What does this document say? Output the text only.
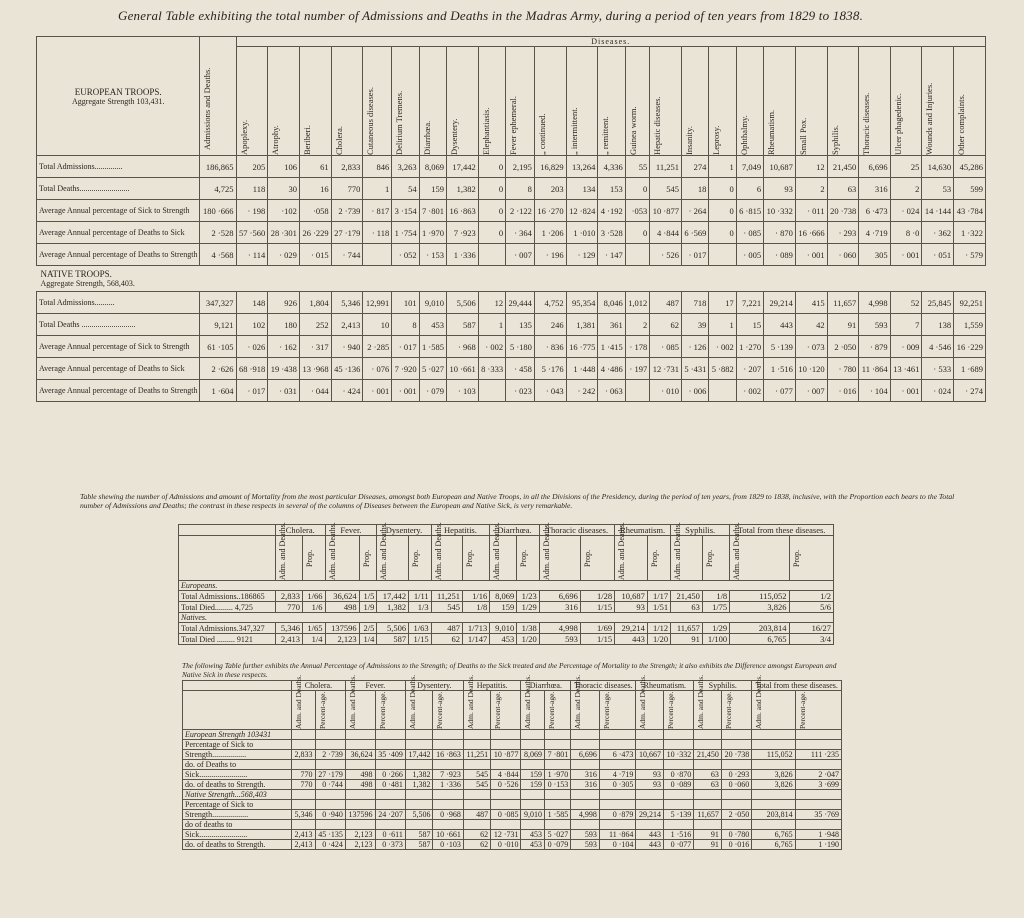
General Table exhibiting the total number of Admissions and Deaths in the Madras Army, during a period of ten years from 1829 to 1838.
EUROPEAN TROOPS.
Aggregate Strength 103,431.	Admissions and Deaths.	Diseases.																								

		Apoplexy.	Atrophy.	Beriberi.	Cholera.	Cutaneous diseases.	Delirium Tremens.	Diarrhœa.	Dysentery.	Elephantiasis.	Fever ephemeral.	„ continued.	„ intermittent.	„ remittent.	Guinea worm.	Hepatic diseases.	Insanity.	Leprosy.	Ophthalmy.	Rheumatism.	Small Pox.	Syphilis.	Thoracic diseases.	Ulcer phagedenic.	Wounds and Injuries.	Other complaints.

Total Admissions..............	186,865	205	106	61	2,833	846	3,263	8,069	17,442	0	2,195	16,829	13,264	4,336	55	11,251	274	1	7,049	10,687	12	21,450	6,696	25	14,630	45,286
Total Deaths.........................	4,725	118	30	16	770	1	54	159	1,382	0	8	203	134	153	0	545	18	0	6	93	2	63	316	2	53	599
Average Annual percentage of Sick to Strength	180 ·666	· 198	·102	·058	2 ·739	· 817	3 ·154	7 ·801	16 ·863	0	2 ·122	16 ·270	12 ·824	4 ·192	·053	10 ·877	· 264	0	6 ·815	10 ·332	· 011	20 ·738	6 ·473	· 024	14 ·144	43 ·784
Average Annual percentage of Deaths to Sick	2 ·528	57 ·560	28 ·301	26 ·229	27 ·179	· 118	1 ·754	1 ·970	7 ·923	0	· 364	1 ·206	1 ·010	3 ·528	0	4 ·844	6 ·569	0	· 085	· 870	16 ·666	· 293	4 ·719	8 ·0	· 362	1 ·322
Average Annual percentage of Deaths to Strength	4 ·568	· 114	· 029	· 015	· 744		· 052	· 153	1 ·336		· 007	· 196	· 129	· 147		· 526	· 017		· 005	· 089	· 001	· 060	305	· 001	· 051	· 579

NATIVE TROOPS.
Aggregate Strength, 568,403.																										

Total Admissions..........	347,327	148	926	1,804	5,346	12,991	101	9,010	5,506	12	29,444	4,752	95,354	8,046	1,012	487	718	17	7,221	29,214	415	11,657	4,998	52	25,845	92,251
Total Deaths ...........................	9,121	102	180	252	2,413	10	8	453	587	1	135	246	1,381	361	2	62	39	1	15	443	42	91	593	7	138	1,559
Average Annual percentage of Sick to Strength	61 ·105	· 026	· 162	· 317	· 940	2 ·285	· 017	1 ·585	· 968	· 002	5 ·180	· 836	16 ·775	1 ·415	· 178	· 085	· 126	· 002	1 ·270	5 ·139	· 073	2 ·050	· 879	· 009	4 ·546	16 ·229
Average Annual percentage of Deaths to Sick	2 ·626	68 ·918	19 ·438	13 ·968	45 ·136	· 076	7 ·920	5 ·027	10 ·661	8 ·333	· 458	5 ·176	1 ·448	4 ·486	· 197	12 ·731	5 ·431	5 ·882	· 207	1 ·516	10 ·120	· 780	11 ·864	13 ·461	· 533	1 ·689
Average Annual percentage of Deaths to Strength	1 ·604	· 017	· 031	· 044	· 424	· 001	· 001	· 079	· 103		· 023	· 043	· 242	· 063		· 010	· 006		· 002	· 077	· 007	· 016	· 104	· 001	· 024	· 274
Table shewing the number of Admissions and amount of Mortality from the most particular Diseases, amongst both European and Native Troops, in all the Divisions of the Presidency, during the period of ten years, from 1829 to 1838, inclusive, with the Proportion each bears to the Total number of Admissions and Deaths; the contrast in these respects in several of the columns of Diseases between the European and Native Sick, is very remarkable.
	Cholera.		Fever.		Dysentery.		Hepatitis.		Diarrhœa.		Thoracic diseases.		Rheumatism.		Syphilis.		Total from these diseases.	

	Adm. and Deaths.	Prop.	Adm. and Deaths.	Prop.	Adm. and Deaths.	Prop.	Adm. and Deaths.	Prop.	Adm. and Deaths.	Prop.	Adm. and Deaths.	Prop.	Adm. and Deaths.	Prop.	Adm. and Deaths.	Prop.	Adm. and Deaths.	Prop.

Europeans.																		
Total Admissions..186865	2,833	1/66	36,624	1/5	17,442	1/11	11,251	1/16	8,069	1/23	6,696	1/28	10,687	1/17	21,450	1/8	115,052	1/2
Total Died......... 4,725	770	1/6	498	1/9	1,382	1/3	545	1/8	159	1/29	316	1/15	93	1/51	63	1/75	3,826	5/6
Natives.																		
Total Admissions.347,327	5,346	1/65	137596	2/5	5,506	1/63	487	1/713	9,010	1/38	4,998	1/69	29,214	1/12	11,657	1/29	203,814	16/27
Total Died ......... 9121	2,413	1/4	2,123	1/4	587	1/15	62	1/147	453	1/20	593	1/15	443	1/20	91	1/100	6,765	3/4
The following Table further exhibits the Annual Percentage of Admissions to the Strength; of Deaths to the Sick treated and the Percentage of Mortality to the Strength; it also exhibits the Difference amongst European and Native Sick in these respects.
	Cholera.		Fever.		Dysentery.		Hepatitis.		Diarrhœa.		Thoracic diseases.		Rheumatism.		Syphilis.		Total from these diseases.	

	Adm. and Deaths.	Percent-age.	Adm. and Deaths.	Percent-age.	Adm. and Deaths.	Percent-age.	Adm. and Deaths.	Percent-age.	Adm. and Deaths.	Percent-age.	Adm. and Deaths.	Percent-age.	Adm. and Deaths.	Percent-age.	Adm. and Deaths.	Percent-age.	Adm. and Deaths.	Percent-age.

European Strength 103431																		
Percentage of Sick to																		
Strength.................	2,833	2 ·739	36,624	35 ·409	17,442	16 ·863	11,251	10 ·877	8,069	7 ·801	6,696	6 ·473	10,667	10 ·332	21,450	20 ·738	115,052	111 ·235
do. of Deaths to																		
Sick........................	770	27 ·179	498	0 ·266	1,382	7 ·923	545	4 ·844	159	1 ·970	316	4 ·719	93	0 ·870	63	0 ·293	3,826	2 ·047
do. of deaths to Strength.	770	0 ·744	498	0 ·481	1,382	1 ·336	545	0 ·526	159	0 ·153	316	0 ·305	93	0 ·089	63	0 ·060	3,826	3 ·699
Native Strength...568,403																		
Percentage of Sick to																		
Strength..................	5,346	0 ·940	137596	24 ·207	5,506	0 ·968	487	0 ·085	9,010	1 ·585	4,998	0 ·879	29,214	5 ·139	11,657	2 ·050	203,814	35 ·769
do of deaths to																		
Sick........................	2,413	45 ·135	2,123	0 ·611	587	10 ·661	62	12 ·731	453	5 ·027	593	11 ·864	443	1 ·516	91	0 ·780	6,765	1 ·948
do. of deaths to Strength.	2,413	0 ·424	2,123	0 ·373	587	0 ·103	62	0 ·010	453	0 ·079	593	0 ·104	443	0 ·077	91	0 ·016	6,765	1 ·190
